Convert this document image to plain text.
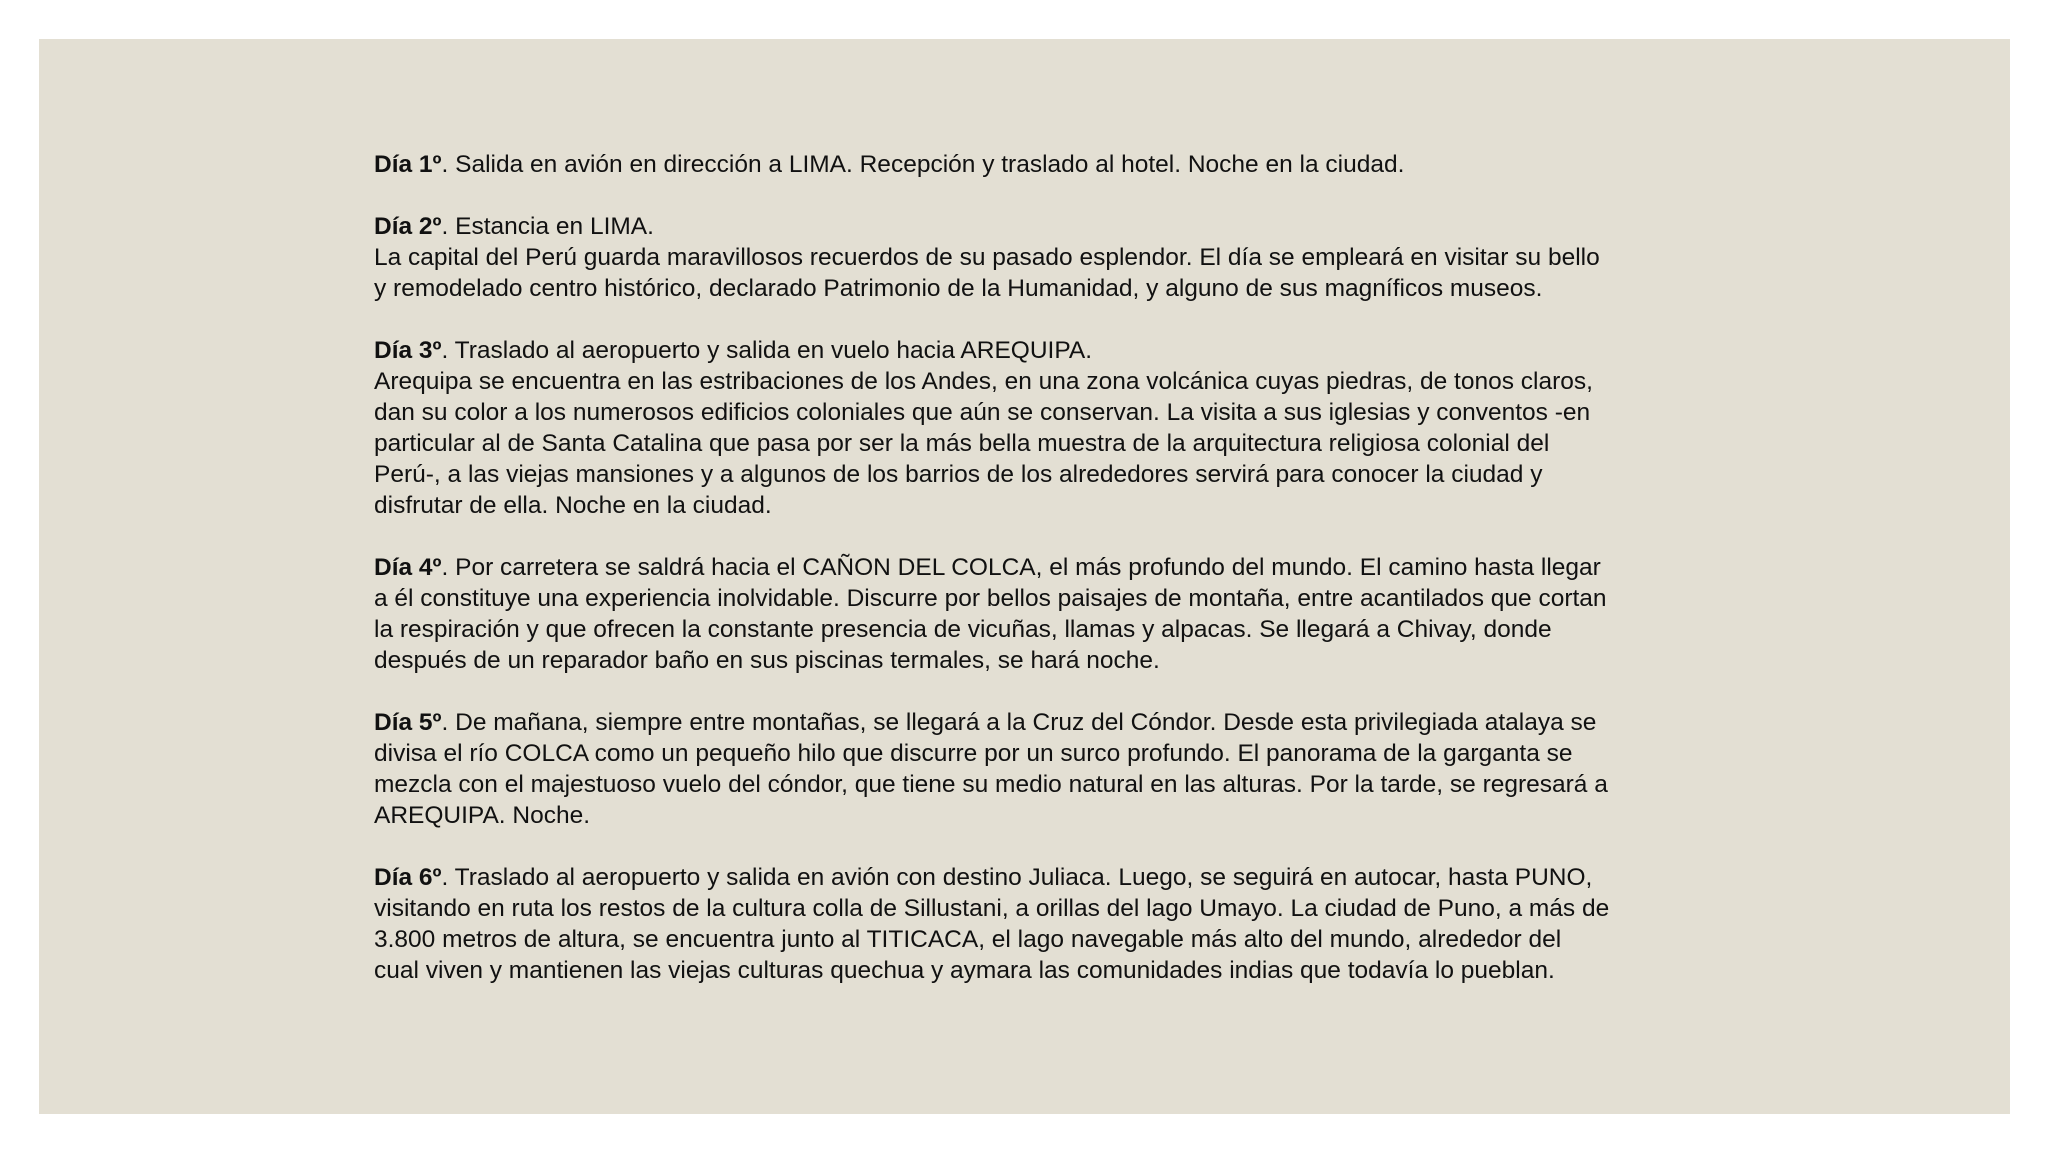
Día 1º. Salida en avión en dirección a LIMA. Recepción y traslado al hotel. Noche en la ciudad.
Día 2º. Estancia en LIMA.
La capital del Perú guarda maravillosos recuerdos de su pasado esplendor. El día se empleará en visitar su bello
y remodelado centro histórico, declarado Patrimonio de la Humanidad, y alguno de sus magníficos museos.
Día 3º. Traslado al aeropuerto y salida en vuelo hacia AREQUIPA.
Arequipa se encuentra en las estribaciones de los Andes, en una zona volcánica cuyas piedras, de tonos claros,
dan su color a los numerosos edificios coloniales que aún se conservan. La visita a sus iglesias y conventos -en
particular al de Santa Catalina que pasa por ser la más bella muestra de la arquitectura religiosa colonial del
Perú-, a las viejas mansiones y a algunos de los barrios de los alrededores servirá para conocer la ciudad y
disfrutar de ella. Noche en la ciudad.
Día 4º. Por carretera se saldrá hacia el CAÑON DEL COLCA, el más profundo del mundo. El camino hasta llegar
a él constituye una experiencia inolvidable. Discurre por bellos paisajes de montaña, entre acantilados que cortan
la respiración y que ofrecen la constante presencia de vicuñas, llamas y alpacas. Se llegará a Chivay, donde
después de un reparador baño en sus piscinas termales, se hará noche.
Día 5º. De mañana, siempre entre montañas, se llegará a la Cruz del Cóndor. Desde esta privilegiada atalaya se
divisa el río COLCA como un pequeño hilo que discurre por un surco profundo. El panorama de la garganta se
mezcla con el majestuoso vuelo del cóndor, que tiene su medio natural en las alturas. Por la tarde, se regresará a
AREQUIPA. Noche.
Día 6º. Traslado al aeropuerto y salida en avión con destino Juliaca. Luego, se seguirá en autocar, hasta PUNO,
visitando en ruta los restos de la cultura colla de Sillustani, a orillas del lago Umayo. La ciudad de Puno, a más de
3.800 metros de altura, se encuentra junto al TITICACA, el lago navegable más alto del mundo, alrededor del
cual viven y mantienen las viejas culturas quechua y aymara las comunidades indias que todavía lo pueblan.
